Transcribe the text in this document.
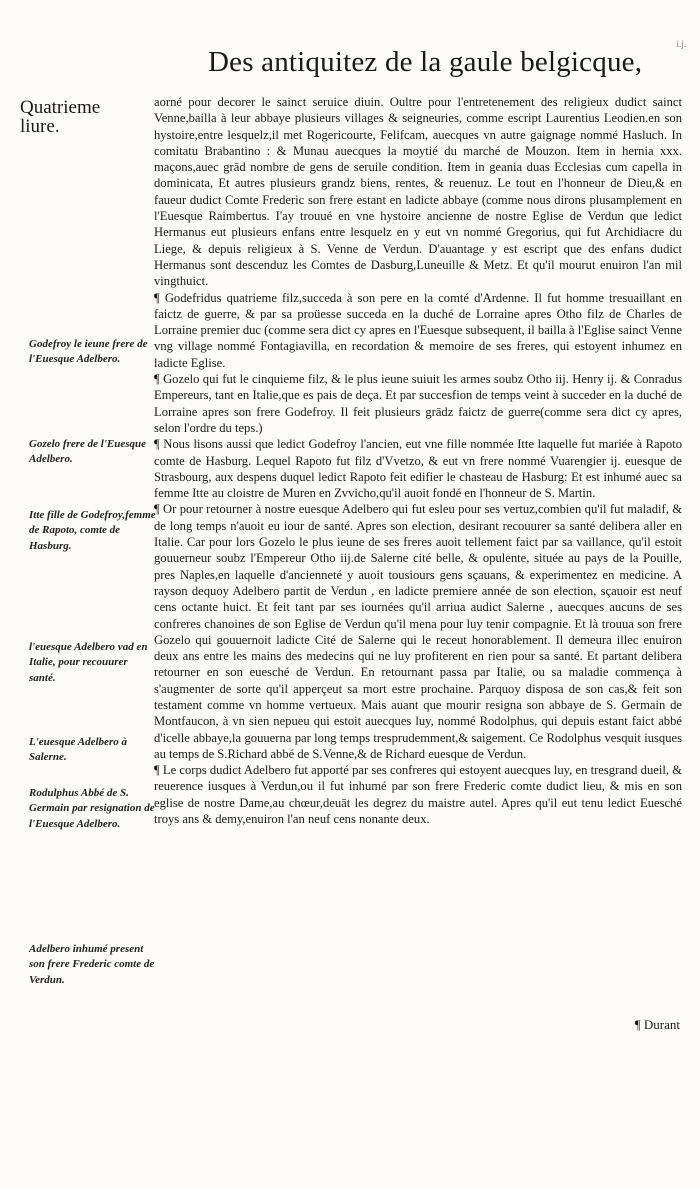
Des antiquitez de la gaule belgicque,
i.j.
Quatrieme liure.
Godefroy le ieune frere de l'Euesque Adelbero.
Gozelo frere de l'Euesque Adelbero.
Itte fille de Godefroy,femme de Rapoto, comte de Hasburg.
l'euesque Adelbero vad en Italie, pour recouurer santé.
L'euesque Adelbero à Salerne.
Rodulphus Abbé de S. Germain par resignation de l'Euesque Adelbero.
Adelbero inhumé present son frere Frederic comte de Verdun.

aorné pour decorer le sainct seruice diuin. Oultre pour l'entretenement des religieux dudict sainct Venne,bailla à leur abbaye plusieurs villages & seigneuries, comme escript Laurentius Leodien.en son hystoire,entre lesquelz,il met Rogericourte, Felifcam, auecques vn autre gaignage nommé Hasluch. In comitatu Brabantino : & Munau auecques la moytié du marché de Mouzon. Item in hernia xxx. maçons,auec grād nombre de gens de seruile condition. Item in geania duas Ecclesias cum capella in dominicata, Et autres plusieurs grandz biens, rentes, & reuenuz. Le tout en l'honneur de Dieu,& en faueur dudict Comte Frederic son frere estant en ladicte abbaye (comme nous dirons plusamplement en l'Euesque Raimbertus. I'ay trouué en vne hystoire ancienne de nostre Eglise de Verdun que ledict Hermanus eut plusieurs enfans entre lesquelz en y eut vn nommé Gregorius, qui fut Archidiacre du Liege, & depuis religieux à S. Venne de Verdun. D'auantage y est escript que des enfans dudict Hermanus sont descenduz les Comtes de Dasburg,Luneuille & Metz. Et qu'il mourut enuiron l'an mil vingthuict.

¶ Godefridus quatrieme filz,succeda à son pere en la comté d'Ardenne. Il fut homme tresuaillant en faictz de guerre, & par sa proüesse succeda en la duché de Lorraine apres Otho filz de Charles de Lorraine premier duc (comme sera dict cy apres en l'Euesque subsequent, il bailla à l'Eglise sainct Venne vng village nommé Fontagiavilla, en recordation & memoire de ses freres, qui estoyent inhumez en ladicte Eglise.

¶ Gozelo qui fut le cinquieme filz, & le plus ieune suiuit les armes soubz Otho iij. Henry ij. & Conradus Empereurs, tant en Italie,que es pais de deça. Et par succesfion de temps veint à succeder en la duché de Lorraine apres son frere Godefroy. Il feit plusieurs grādz faictz de guerre(comme sera dict cy apres, selon l'ordre du teps.)

¶ Nous lisons aussi que ledict Godefroy l'ancien, eut vne fille nommée Itte laquelle fut mariée à Rapoto comte de Hasburg. Lequel Rapoto fut filz d'Vvetzo, & eut vn frere nommé Vuarengier ij. euesque de Strasbourg, aux despens duquel ledict Rapoto feit edifier le chasteau de Hasburg: Et est inhumé auec sa femme Itte au cloistre de Muren en Zvvicho,qu'il auoit fondé en l'honneur de S. Martin.

¶ Or pour retourner à nostre euesque Adelbero qui fut esleu pour ses vertuz,combien qu'il fut maladif, & de long temps n'auoit eu iour de santé. Apres son election, desirant recouurer sa santé delibera aller en Italie. Car pour lors Gozelo le plus ieune de ses freres auoit tellement faict par sa vaillance, qu'il estoit gouuerneur soubz l'Empereur Otho iij.de Salerne cité belle, & opulente, située au pays de la Pouille, pres Naples,en laquelle d'ancienneté y auoit tousiours gens sçauans, & experimentez en medicine. A rayson dequoy Adelbero partit de Verdun , en ladicte premiere année de son election, sçauoir est neuf cens octante huict. Et feit tant par ses iournées qu'il arriua audict Salerne , auecques aucuns de ses confreres chanoines de son Eglise de Verdun qu'il mena pour luy tenir compagnie. Et là trouua son frere Gozelo qui gouuernoit ladicte Cité de Salerne qui le receut honorablement. Il demeura illec enuiron deux ans entre les mains des medecins qui ne luy profiterent en rien pour sa santé. Et partant delibera retourner en son euesché de Verdun. En retournant passa par Italie, ou sa maladie commença à s'augmenter de sorte qu'il apperçeut sa mort estre prochaine. Parquoy disposa de son cas,& feit son testament comme vn homme vertueux. Mais auant que mourir resigna son abbaye de S. Germain de Montfaucon, à vn sien nepueu qui estoit auecques luy, nommé Rodolphus, qui depuis estant faict abbé d'icelle abbaye,la gouuerna par long temps tresprudemment,& saigement. Ce Rodolphus vesquit iusques au temps de S.Richard abbé de S.Venne,& de Richard euesque de Verdun.

¶ Le corps dudict Adelbero fut apporté par ses confreres qui estoyent auecques luy, en tresgrand dueil, & reuerence iusques à Verdun,ou il fut inhumé par son frere Frederic comte dudict lieu, & mis en son eglise de nostre Dame,au chœur,deuāt les degrez du maistre autel. Apres qu'il eut tenu ledict Euesché troys ans & demy,enuiron l'an neuf cens nonante deux.

¶ Durant
